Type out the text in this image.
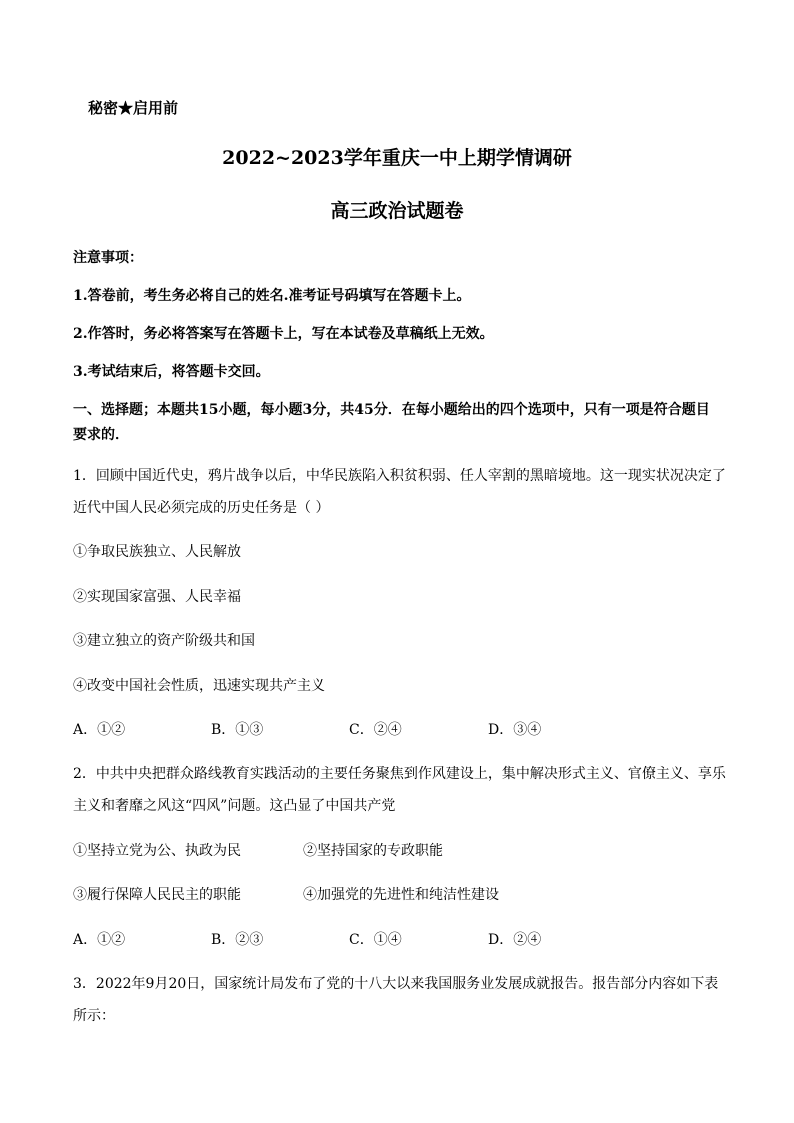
秘密★启用前
2022~2023学年重庆一中上期学情调研
高三政治试题卷
注意事项：
1.答卷前，考生务必将自己的姓名.准考证号码填写在答题卡上。
2.作答时，务必将答案写在答题卡上，写在本试卷及草稿纸上无效。
3.考试结束后，将答题卡交回。
一、选择题；本题共15小题，每小题3分，共45分．在每小题给出的四个选项中，只有一项是符合题目
要求的．
1．回顾中国近代史，鸦片战争以后，中华民族陷入积贫积弱、任人宰割的黑暗境地。这一现实状况决定了
近代中国人民必须完成的历史任务是（ ）
①争取民族独立、人民解放
②实现国家富强、人民幸福
③建立独立的资产阶级共和国
④改变中国社会性质，迅速实现共产主义
A．①②	B．①③	C．②④	D．③④
2．中共中央把群众路线教育实践活动的主要任务聚焦到作风建设上，集中解决形式主义、官僚主义、享乐
主义和奢靡之风这“四风”问题。这凸显了中国共产党
①坚持立党为公、执政为民	②坚持国家的专政职能
③履行保障人民民主的职能	④加强党的先进性和纯洁性建设
A．①②	B．②③	C．①④	D．②④
3．2022年9月20日，国家统计局发布了党的十八大以来我国服务业发展成就报告。报告部分内容如下表
所示：
